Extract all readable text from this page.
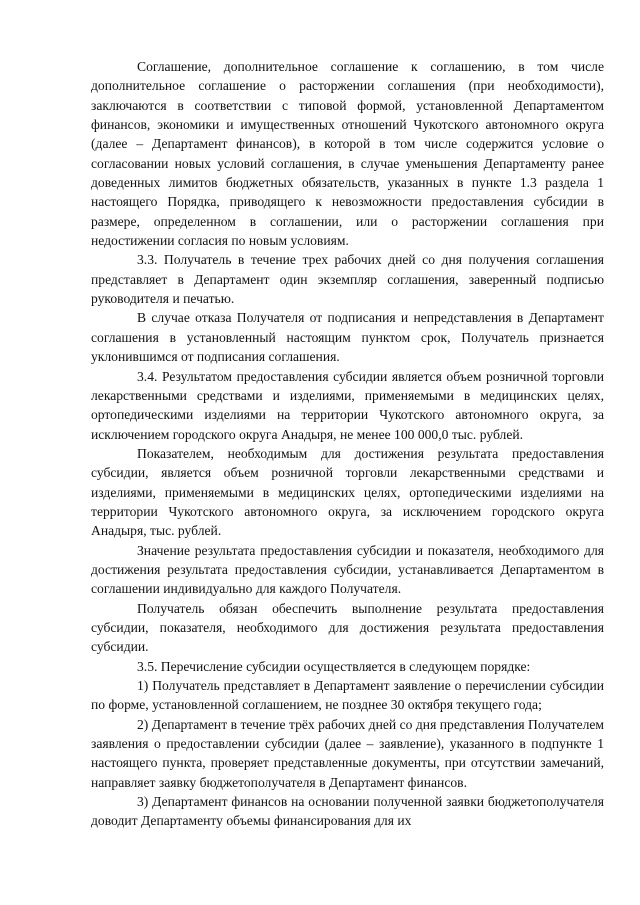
Соглашение, дополнительное соглашение к соглашению, в том числе дополнительное соглашение о расторжении соглашения (при необходимости), заключаются в соответствии с типовой формой, установленной Департаментом финансов, экономики и имущественных отношений Чукотского автономного округа (далее – Департамент финансов), в которой в том числе содержится условие о согласовании новых условий соглашения, в случае уменьшения Департаменту ранее доведенных лимитов бюджетных обязательств, указанных в пункте 1.3 раздела 1 настоящего Порядка, приводящего к невозможности предоставления субсидии в размере, определенном в соглашении, или о расторжении соглашения при недостижении согласия по новым условиям.

3.3. Получатель в течение трех рабочих дней со дня получения соглашения представляет в Департамент один экземпляр соглашения, заверенный подписью руководителя и печатью.

В случае отказа Получателя от подписания и непредставления в Департамент соглашения в установленный настоящим пунктом срок, Получатель признается уклонившимся от подписания соглашения.

3.4. Результатом предоставления субсидии является объем розничной торговли лекарственными средствами и изделиями, применяемыми в медицинских целях, ортопедическими изделиями на территории Чукотского автономного округа, за исключением городского округа Анадыря, не менее 100 000,0 тыс. рублей.

Показателем, необходимым для достижения результата предоставления субсидии, является объем розничной торговли лекарственными средствами и изделиями, применяемыми в медицинских целях, ортопедическими изделиями на территории Чукотского автономного округа, за исключением городского округа Анадыря, тыс. рублей.

Значение результата предоставления субсидии и показателя, необходимого для достижения результата предоставления субсидии, устанавливается Департаментом в соглашении индивидуально для каждого Получателя.

Получатель обязан обеспечить выполнение результата предоставления субсидии, показателя, необходимого для достижения результата предоставления субсидии.

3.5. Перечисление субсидии осуществляется в следующем порядке:

1) Получатель представляет в Департамент заявление о перечислении субсидии по форме, установленной соглашением, не позднее 30 октября текущего года;

2) Департамент в течение трёх рабочих дней со дня представления Получателем заявления о предоставлении субсидии (далее – заявление), указанного в подпункте 1 настоящего пункта, проверяет представленные документы, при отсутствии замечаний, направляет заявку бюджетополучателя в Департамент финансов.

3) Департамент финансов на основании полученной заявки бюджетополучателя доводит Департаменту объемы финансирования для их
